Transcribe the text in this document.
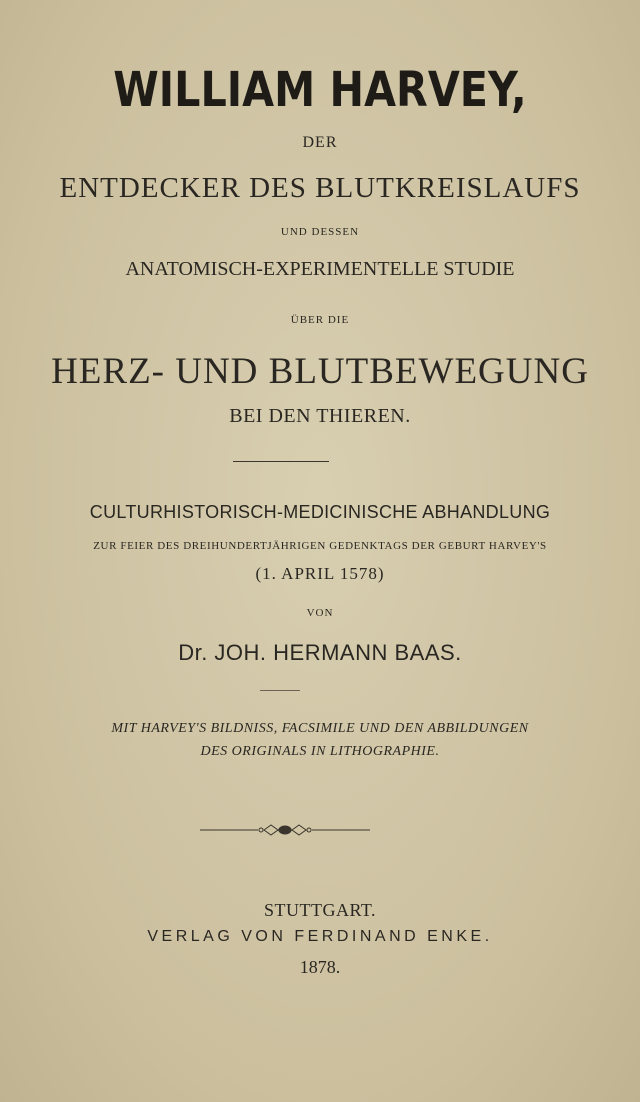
WILLIAM HARVEY,
DER
ENTDECKER DES BLUTKREISLAUFS
UND DESSEN
ANATOMISCH-EXPERIMENTELLE STUDIE
ÜBER DIE
HERZ- UND BLUTBEWEGUNG
BEI DEN THIEREN.
CULTURHISTORISCH-MEDICINISCHE ABHANDLUNG
ZUR FEIER DES DREIHUNDERTJÄHRIGEN GEDENKTAGS DER GEBURT HARVEY'S
(1. APRIL 1578)
VON
Dr. JOH. HERMANN BAAS.
MIT HARVEY'S BILDNISS, FACSIMILE UND DEN ABBILDUNGEN
DES ORIGINALS IN LITHOGRAPHIE.
STUTTGART.
VERLAG VON FERDINAND ENKE.
1878.
